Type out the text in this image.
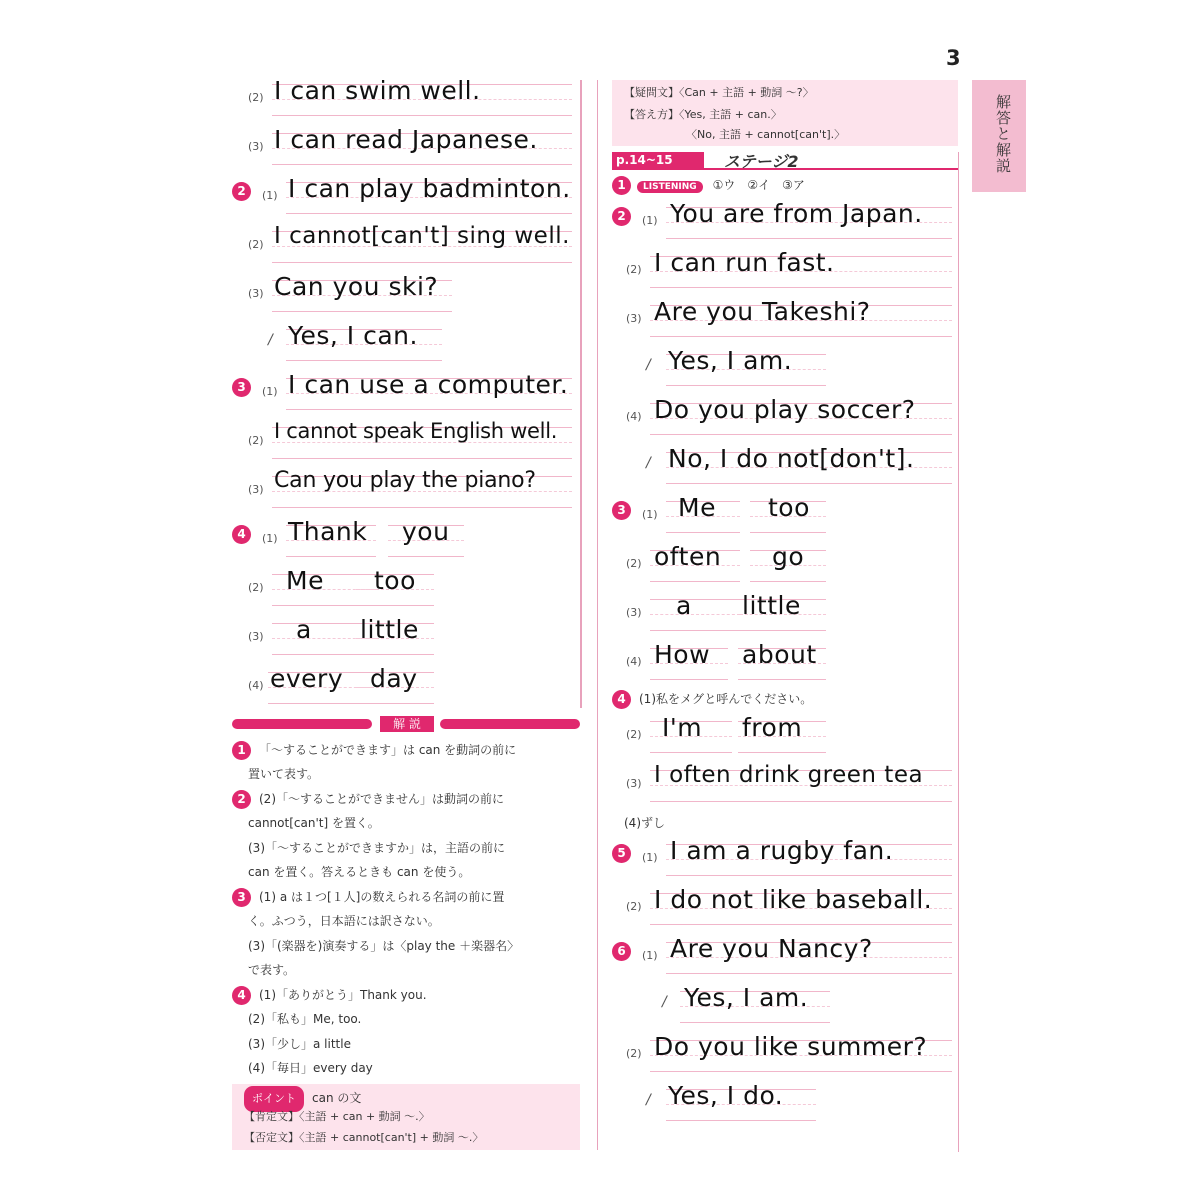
3
解答と解説
(2) I can swim well.
(3) I can read Japanese.
2	(1) I can play badminton.
(2) I cannot[can't] sing well.
(3) Can you ski?
/ Yes, I can.
3	(1) I can use a computer.
(2) I cannot speak English well.
(3) Can you play the piano?
4	(1) Thank you
(2) Me too
(3) a little
(4) every day
解 説
1 「～することができます」は can を動詞の前に
置いて表す。
2 (2)「～することができません」は動詞の前に
cannot[can't] を置く。
(3)「～することができますか」は，主語の前に
can を置く。答えるときも can を使う。
3 (1) a は１つ[１人]の数えられる名詞の前に置
く。ふつう，日本語には訳さない。
(3)「(楽器を)演奏する」は〈play the ＋楽器名〉
で表す。
4 (1)「ありがとう」Thank you.
(2)「私も」Me, too.
(3)「少し」a little
(4)「毎日」every day
ポイント can の文
【肯定文】〈主語 + can + 動詞 ～.〉
【否定文】〈主語 + cannot[can't] + 動詞 ～.〉
【疑問文】〈Can + 主語 + 動詞 ～?〉
【答え方】〈Yes, 主語 + can.〉
〈No, 主語 + cannot[can't].〉
p.14~15	ステージ2
1 LISTENING ①ウ　②イ　③ア
2	(1) You are from Japan.
(2) I can run fast.
(3) Are you Takeshi?
/ Yes, I am.
(4) Do you play soccer?
/ No, I do not[don't].
3	(1) Me too
(2) often go
(3) a little
(4) How about
4 (1)私をメグと呼んでください。
(2) I'm from
(3) I often drink green tea
(4)ずし
5	(1) I am a rugby fan.
(2) I do not like baseball.
6	(1) Are you Nancy?
/ Yes, I am.
(2) Do you like summer?
/ Yes, I do.
